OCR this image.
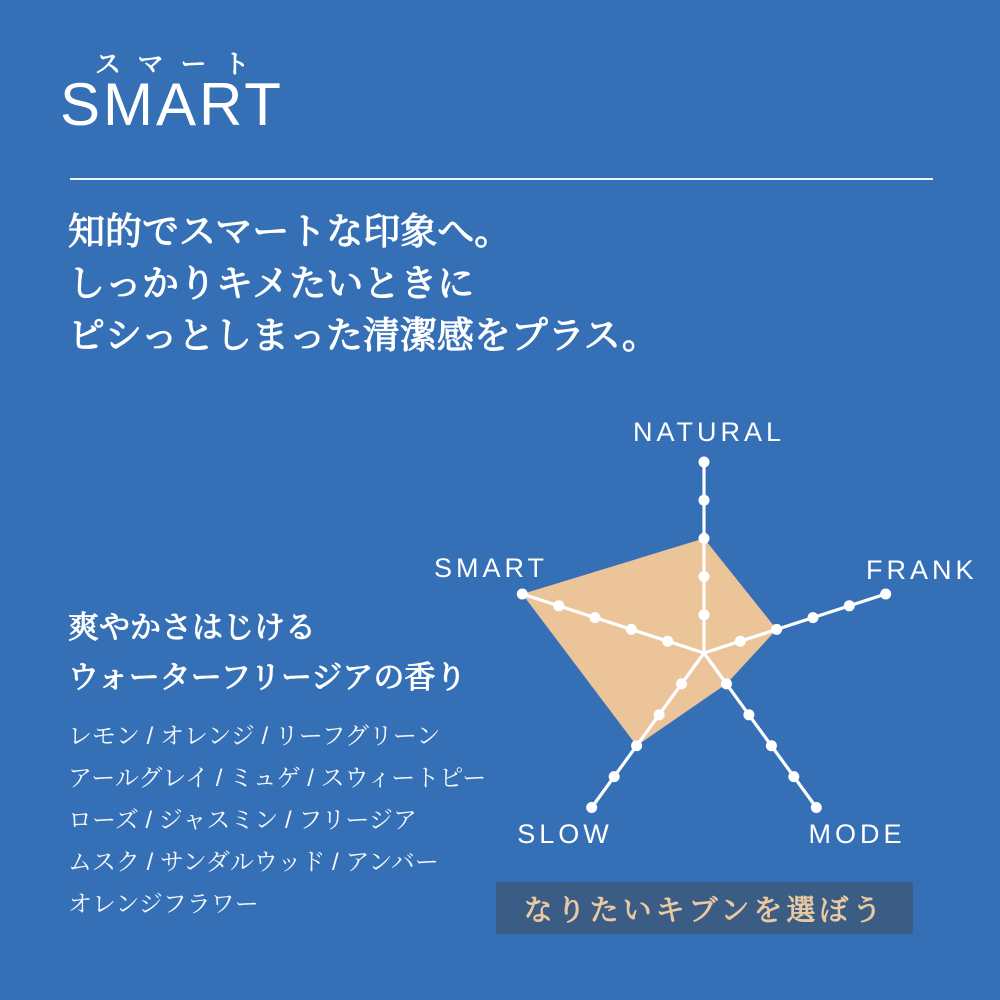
スマート
SMART
知的でスマートな印象へ。
しっかりキメたいときに
ピシっとしまった清潔感をプラス。
爽やかさはじける
ウォーターフリージアの香り
レモン / オレンジ / リーフグリーン
アールグレイ / ミュゲ / スウィートピー
ローズ / ジャスミン / フリージア
ムスク / サンダルウッド / アンバー
オレンジフラワー
NATURAL
FRANK
MODE
SLOW
SMART
なりたいキブンを選ぼう
